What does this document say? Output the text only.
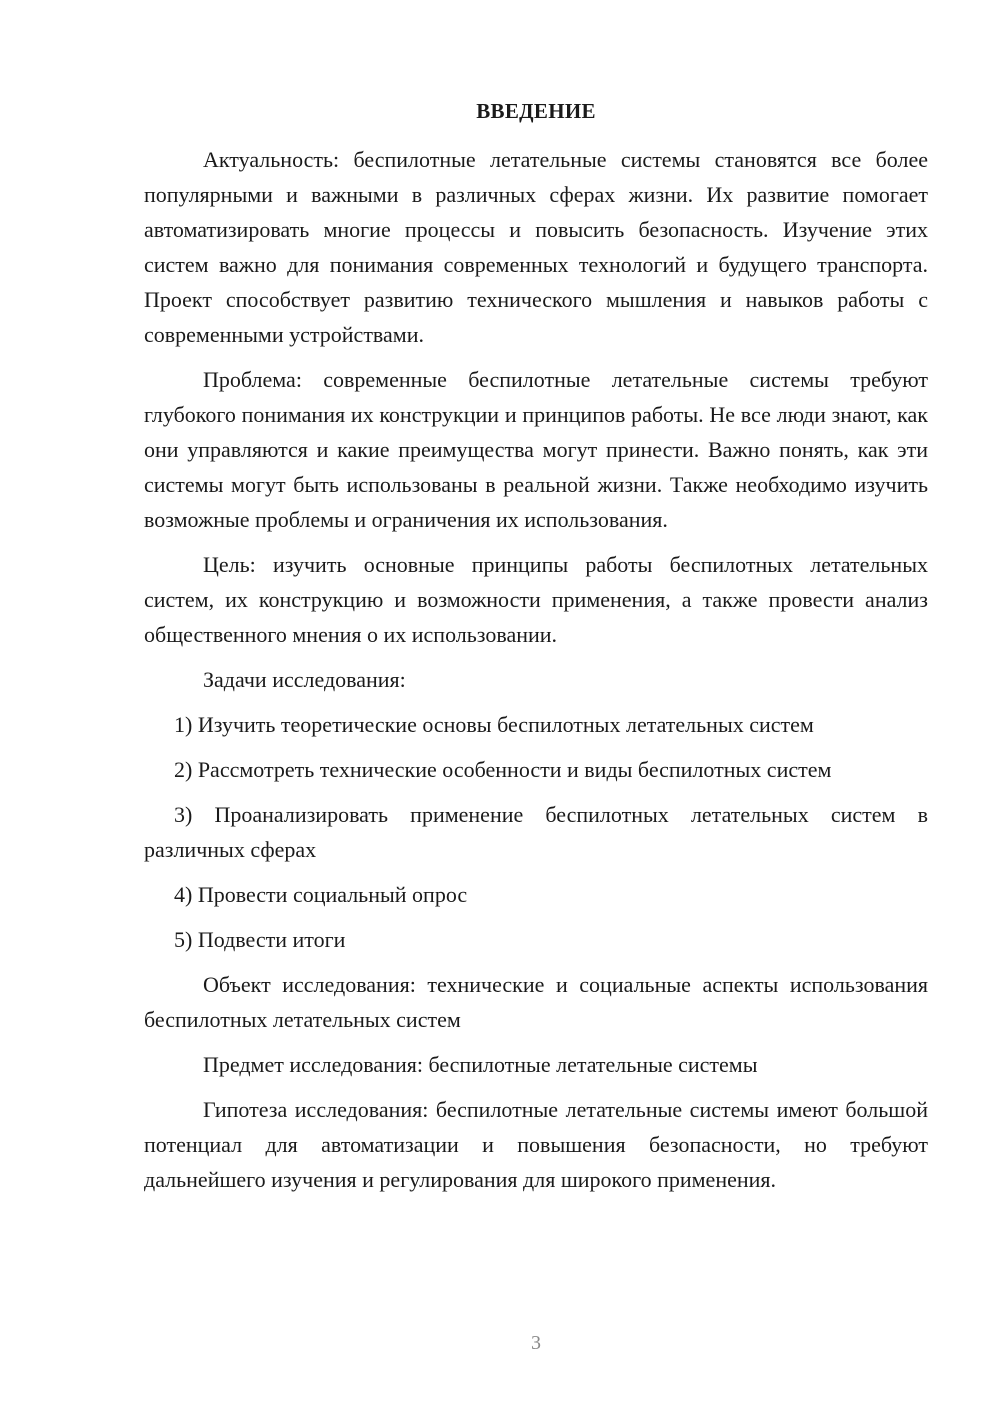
ВВЕДЕНИЕ

Актуальность: беспилотные летательные системы становятся все более популярными и важными в различных сферах жизни. Их развитие помогает автоматизировать многие процессы и повысить безопасность. Изучение этих систем важно для понимания современных технологий и будущего транспорта. Проект способствует развитию технического мышления и навыков работы с современными устройствами.

Проблема: современные беспилотные летательные системы требуют глубокого понимания их конструкции и принципов работы. Не все люди знают, как они управляются и какие преимущества могут принести. Важно понять, как эти системы могут быть использованы в реальной жизни. Также необходимо изучить возможные проблемы и ограничения их использования.

Цель: изучить основные принципы работы беспилотных летательных систем, их конструкцию и возможности применения, а также провести анализ общественного мнения о их использовании.

Задачи исследования:

1) Изучить теоретические основы беспилотных летательных систем

2) Рассмотреть технические особенности и виды беспилотных систем

3) Проанализировать применение беспилотных летательных систем в различных сферах

4) Провести социальный опрос

5) Подвести итоги

Объект исследования: технические и социальные аспекты использования беспилотных летательных систем

Предмет исследования: беспилотные летательные системы

Гипотеза исследования: беспилотные летательные системы имеют большой потенциал для автоматизации и повышения безопасности, но требуют дальнейшего изучения и регулирования для широкого применения.

3
